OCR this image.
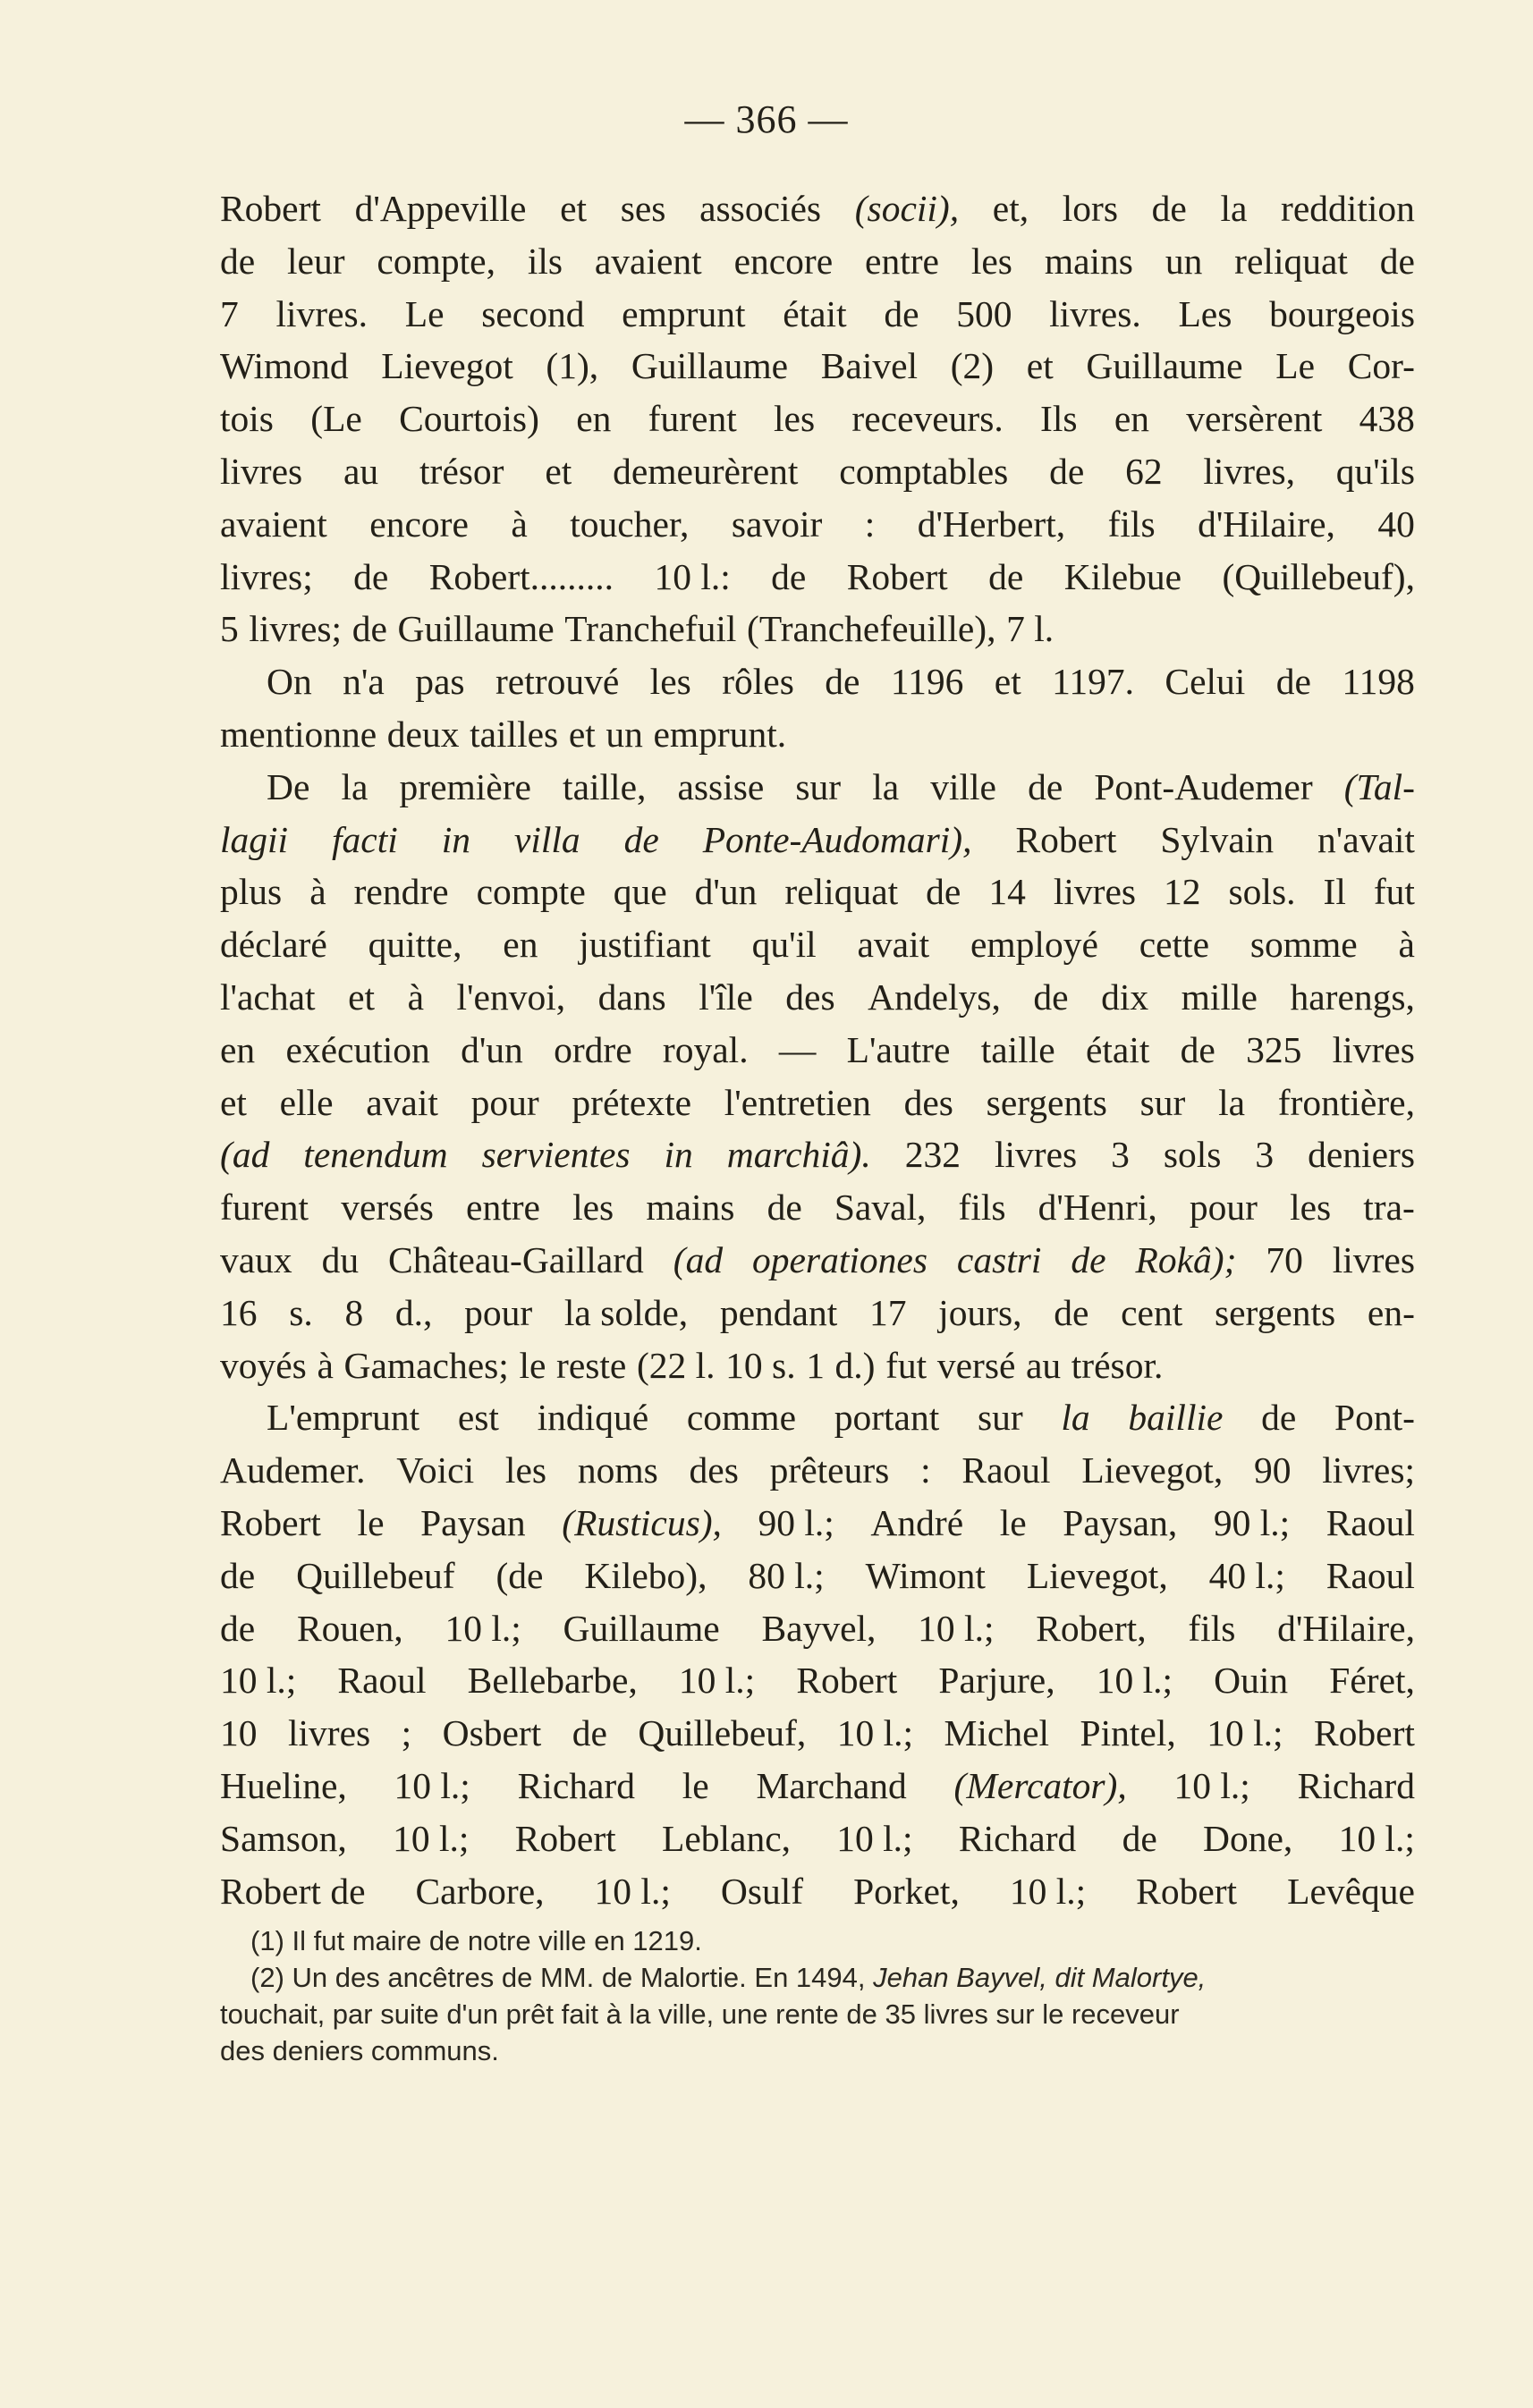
— 366 —
Robert d'Appeville et ses associés (socii), et, lors de la reddition
de leur compte, ils avaient encore entre les mains un reliquat de
7 livres. Le second emprunt était de 500 livres. Les bourgeois
Wimond Lievegot (1), Guillaume Baivel (2) et Guillaume Le Cor-
tois (Le Courtois) en furent les receveurs. Ils en versèrent 438
livres au trésor et demeurèrent comptables de 62 livres, qu'ils
avaient encore à toucher, savoir : d'Herbert, fils d'Hilaire, 40
livres; de Robert......... 10 l.: de Robert de Kilebue (Quillebeuf),
5 livres; de Guillaume Tranchefuil (Tranchefeuille), 7 l.
On n'a pas retrouvé les rôles de 1196 et 1197. Celui de 1198
mentionne deux tailles et un emprunt.
De la première taille, assise sur la ville de Pont-Audemer (Tal-
lagii facti in villa de Ponte-Audomari), Robert Sylvain n'avait
plus à rendre compte que d'un reliquat de 14 livres 12 sols. Il fut
déclaré quitte, en justifiant qu'il avait employé cette somme à
l'achat et à l'envoi, dans l'île des Andelys, de dix mille harengs,
en exécution d'un ordre royal. — L'autre taille était de 325 livres
et elle avait pour prétexte l'entretien des sergents sur la frontière,
(ad tenendum servientes in marchiâ). 232 livres 3 sols 3 deniers
furent versés entre les mains de Saval, fils d'Henri, pour les tra-
vaux du Château-Gaillard (ad operationes castri de Rokâ); 70 livres
16 s. 8 d., pour la solde, pendant 17 jours, de cent sergents en-
voyés à Gamaches; le reste (22 l. 10 s. 1 d.) fut versé au trésor.
L'emprunt est indiqué comme portant sur la baillie de Pont-
Audemer. Voici les noms des prêteurs : Raoul Lievegot, 90 livres;
Robert le Paysan (Rusticus), 90 l.; André le Paysan, 90 l.; Raoul
de Quillebeuf (de Kilebo), 80 l.; Wimont Lievegot, 40 l.; Raoul
de Rouen, 10 l.; Guillaume Bayvel, 10 l.; Robert, fils d'Hilaire,
10 l.; Raoul Bellebarbe, 10 l.; Robert Parjure, 10 l.; Ouin Féret,
10 livres ; Osbert de Quillebeuf, 10 l.; Michel Pintel, 10 l.; Robert
Hueline, 10 l.; Richard le Marchand (Mercator), 10 l.; Richard
Samson, 10 l.; Robert Leblanc, 10 l.; Richard de Done, 10 l.;
Robert de Carbore, 10 l.; Osulf Porket, 10 l.; Robert Levêque
(1) Il fut maire de notre ville en 1219.
(2) Un des ancêtres de MM. de Malortie. En 1494, Jehan Bayvel, dit Malortye,
touchait, par suite d'un prêt fait à la ville, une rente de 35 livres sur le receveur
des deniers communs.
